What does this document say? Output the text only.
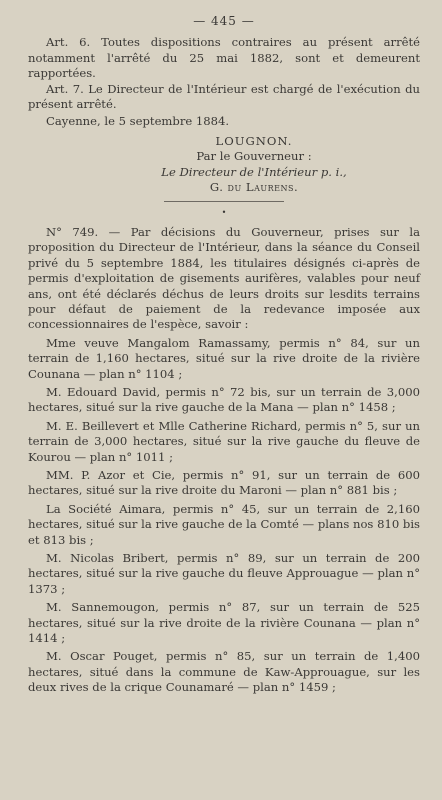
— 445 —

Art. 6. Toutes dispositions contraires au présent arrêté notamment l'arrêté du 25 mai 1882, sont et demeurent rapportées.

Art. 7. Le Directeur de l'Intérieur est chargé de l'exécution du présent arrêté.

Cayenne, le 5 septembre 1884.

LOUGNON.

Par le Gouverneur :

Le Directeur de l'Intérieur p. i.,

G. du Laurens.

•

N° 749. — Par décisions du Gouverneur, prises sur la proposition du Directeur de l'Intérieur, dans la séance du Conseil privé du 5 septembre 1884, les titulaires désignés ci-après de permis d'exploitation de gisements aurifères, valables pour neuf ans, ont été déclarés déchus de leurs droits sur lesdits terrains pour défaut de paiement de la redevance imposée aux concessionnaires de l'espèce, savoir :

Mme veuve Mangalom Ramassamy, permis n° 84, sur un terrain de 1,160 hectares, situé sur la rive droite de la rivière Counana — plan n° 1104 ;

M. Edouard David, permis n° 72 bis, sur un terrain de 3,000 hectares, situé sur la rive gauche de la Mana — plan n° 1458 ;

M. E. Beillevert et Mlle Catherine Richard, permis n° 5, sur un terrain de 3,000 hectares, situé sur la rive gauche du fleuve de Kourou — plan n° 1011 ;

MM. P. Azor et Cie, permis n° 91, sur un terrain de 600 hectares, situé sur la rive droite du Maroni — plan n° 881 bis ;

La Société Aimara, permis n° 45, sur un terrain de 2,160 hectares, situé sur la rive gauche de la Comté — plans nos 810 bis et 813 bis ;

M. Nicolas Bribert, permis n° 89, sur un terrain de 200 hectares, situé sur la rive gauche du fleuve Approuague — plan n° 1373 ;

M. Sannemougon, permis n° 87, sur un terrain de 525 hectares, situé sur la rive droite de la rivière Counana — plan n° 1414 ;

M. Oscar Pouget, permis n° 85, sur un terrain de 1,400 hectares, situé dans la commune de Kaw-Approuague, sur les deux rives de la crique Counamaré — plan n° 1459 ;
